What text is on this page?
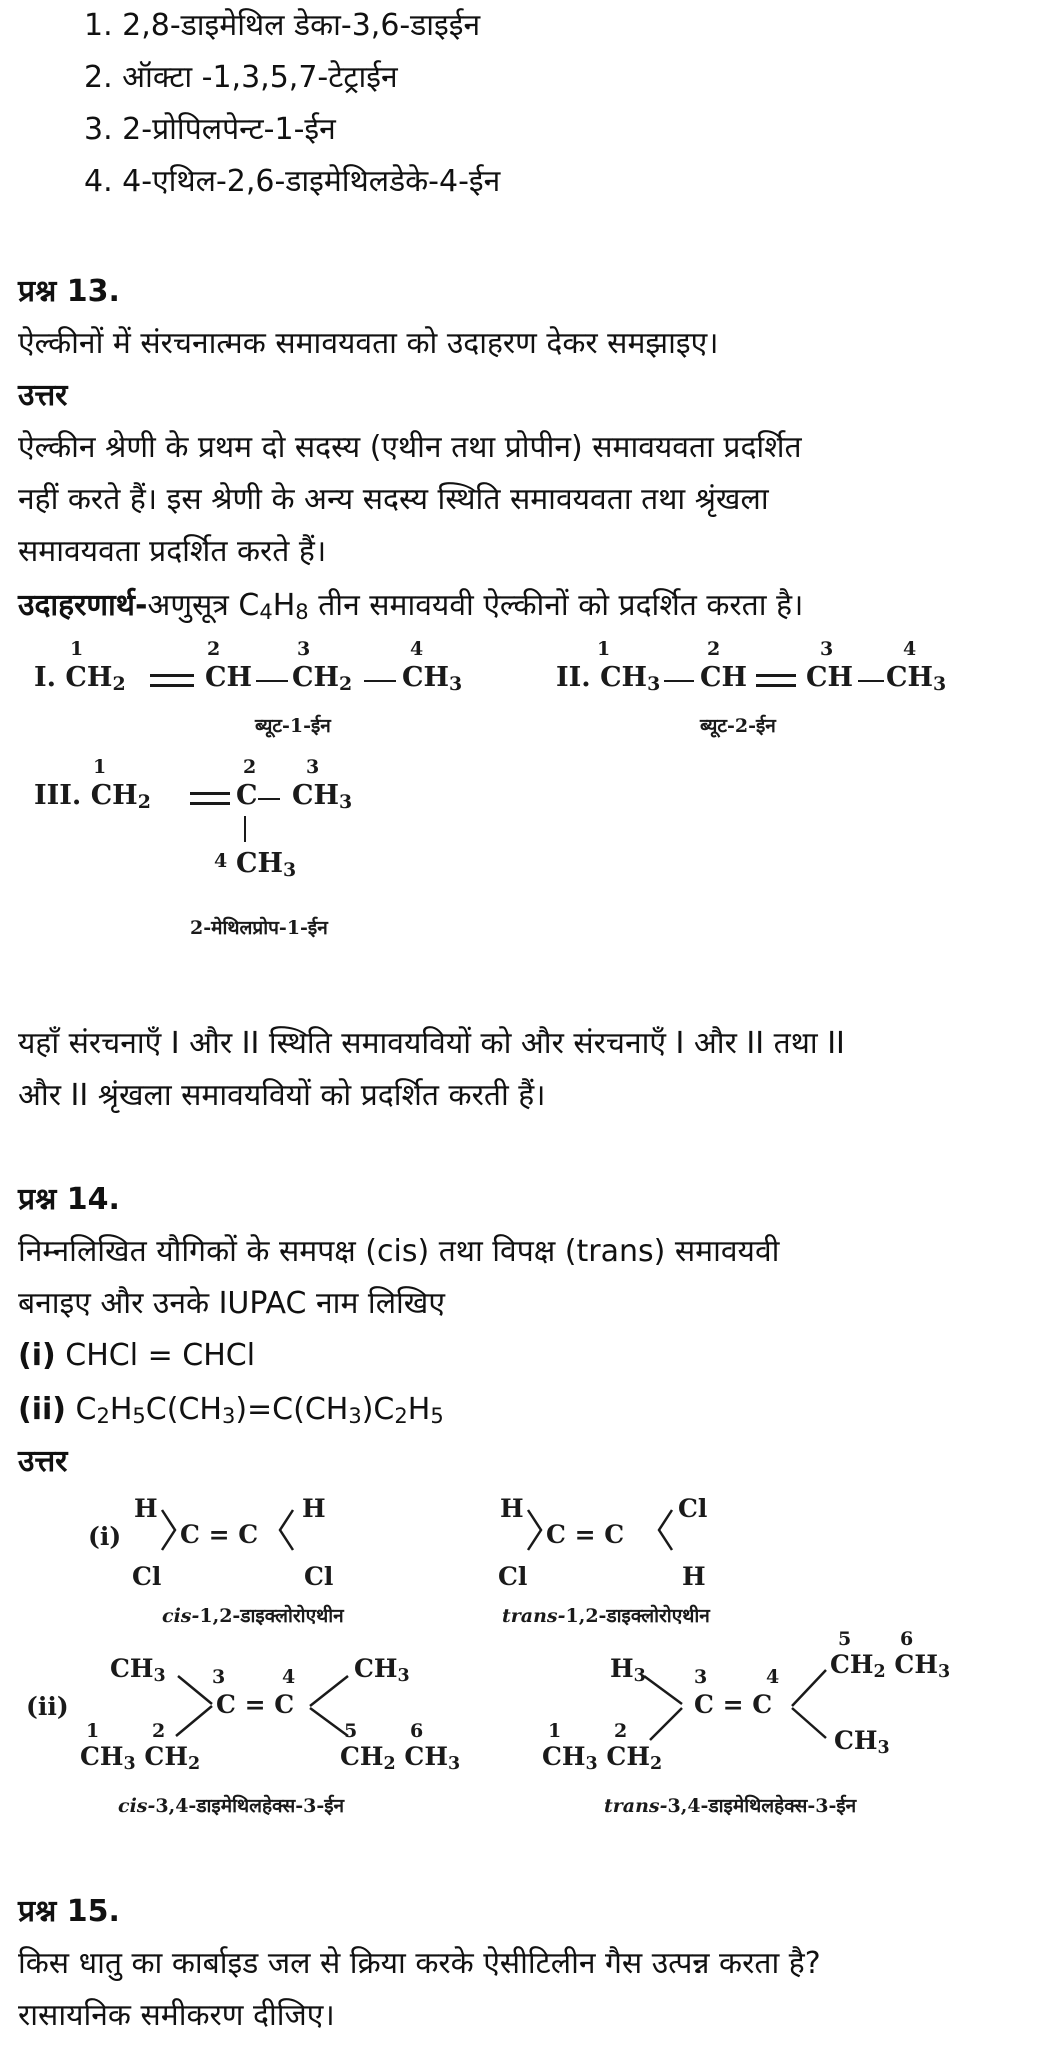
1. 2,8-डाइमेथिल डेका-3,6-डाइईन
2. ऑक्टा -1,3,5,7-टेट्राईन
3. 2-प्रोपिलपेन्ट-1-ईन
4. 4-एथिल-2,6-डाइमेथिलडेके-4-ईन
प्रश्न 13.
ऐल्कीनों में संरचनात्मक समावयवता को उदाहरण देकर समझाइए।
उत्तर
ऐल्कीन श्रेणी के प्रथम दो सदस्य (एथीन तथा प्रोपीन) समावयवता प्रदर्शित
नहीं करते हैं। इस श्रेणी के अन्य सदस्य स्थिति समावयवता तथा श्रृंखला
समावयवता प्रदर्शित करते हैं।
उदाहरणार्थ-अणुसूत्र $C_4H_8$ तीन समावयवी ऐल्कीनों को प्रदर्शित करता है।
1	2	3	4
I. $CH_2$	CH $CH_2$ $CH_3$
ब्यूट-1-ईन
1	2	3	4
II. $CH_3$ CH CH $CH_3$
ब्यूट-2-ईन
1	2	3
III. $CH_2$	C $CH_3$
4 $CH_3$
2-मेथिलप्रोप-1-ईन
यहाँ संरचनाएँ I और II स्थिति समावयवियों को और संरचनाएँ I और II तथा II
और II श्रृंखला समावयवियों को प्रदर्शित करती हैं।
प्रश्न 14.
निम्नलिखित यौगिकों के समपक्ष (cis) तथा विपक्ष (trans) समावयवी
बनाइए और उनके IUPAC नाम लिखिए
(i) CHCl = CHCl
(ii) $C_2H_5C(CH_3)=C(CH_3)C_2H_5$
उत्तर
(i)
H
Cl
H
Cl
C = C
cis-1,2-डाइक्लोरोएथीन
H
Cl
Cl
H
C = C
trans-1,2-डाइक्लोरोएथीन
(ii)
$CH_3$ 3	4 $CH_3$
C = C
1	2
$CH_3$ $CH_2$
5	6
$CH_2$ $CH_3$
cis-3,4-डाइमेथिलहेक्स-3-ईन
$H_3$	3	4
5	6
$CH_2$ $CH_3$
C = C
$CH_3$
1	2
$CH_3$ $CH_2$
trans-3,4-डाइमेथिलहेक्स-3-ईन
प्रश्न 15.
किस धातु का कार्बाइड जल से क्रिया करके ऐसीटिलीन गैस उत्पन्न करता है?
रासायनिक समीकरण दीजिए।
